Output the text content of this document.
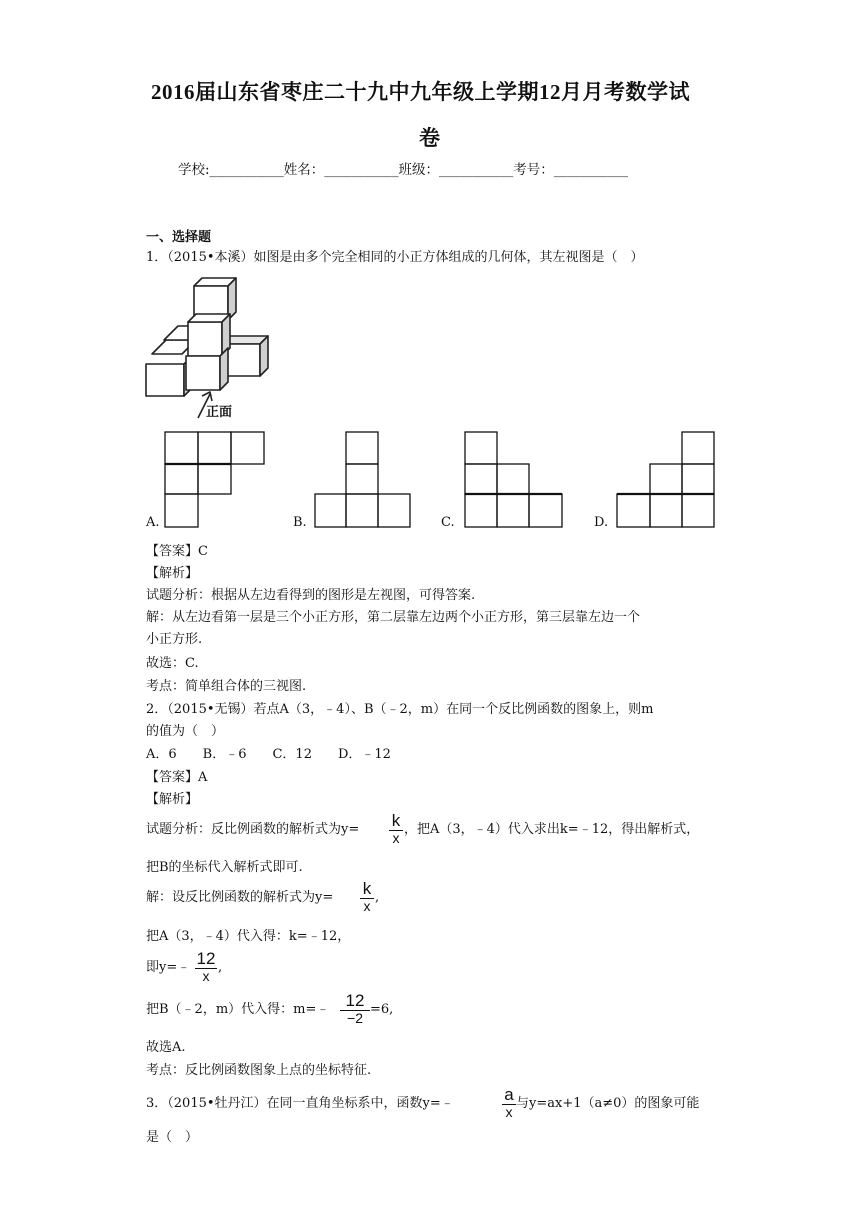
2016届山东省枣庄二十九中九年级上学期12月月考数学试
卷
学校:___________姓名：___________班级：___________考号：___________
一、选择题
1．（2015•本溪）如图是由多个完全相同的小正方体组成的几何体，其左视图是（　）
正面
A.	B.	C.	D.
【答案】C
【解析】
试题分析：根据从左边看得到的图形是左视图，可得答案.
解：从左边看第一层是三个小正方形，第二层靠左边两个小正方形，第三层靠左边一个
小正方形.
故选：C.
考点：简单组合体的三视图.
2．（2015•无锡）若点A（3，﹣4）、B（﹣2，m）在同一个反比例函数的图象上，则m
的值为（　）
A．6　　B．﹣6　　C．12　　D．﹣12
【答案】A
【解析】
试题分析：反比例函数的解析式为y= k
x
，把A（3，﹣4）代入求出k=﹣12，得出解析式，
把B的坐标代入解析式即可.
解：设反比例函数的解析式为y= k
x
,
把A（3，﹣4）代入得：k=﹣12，
即y=﹣ 12
x
,
把B（﹣2，m）代入得：m=﹣ 12
−2
=6,
故选A.
考点：反比例函数图象上点的坐标特征.
3．（2015•牡丹江）在同一直角坐标系中，函数y=﹣	a
x
与y=ax+1（a≠0）的图象可能
是（　）
